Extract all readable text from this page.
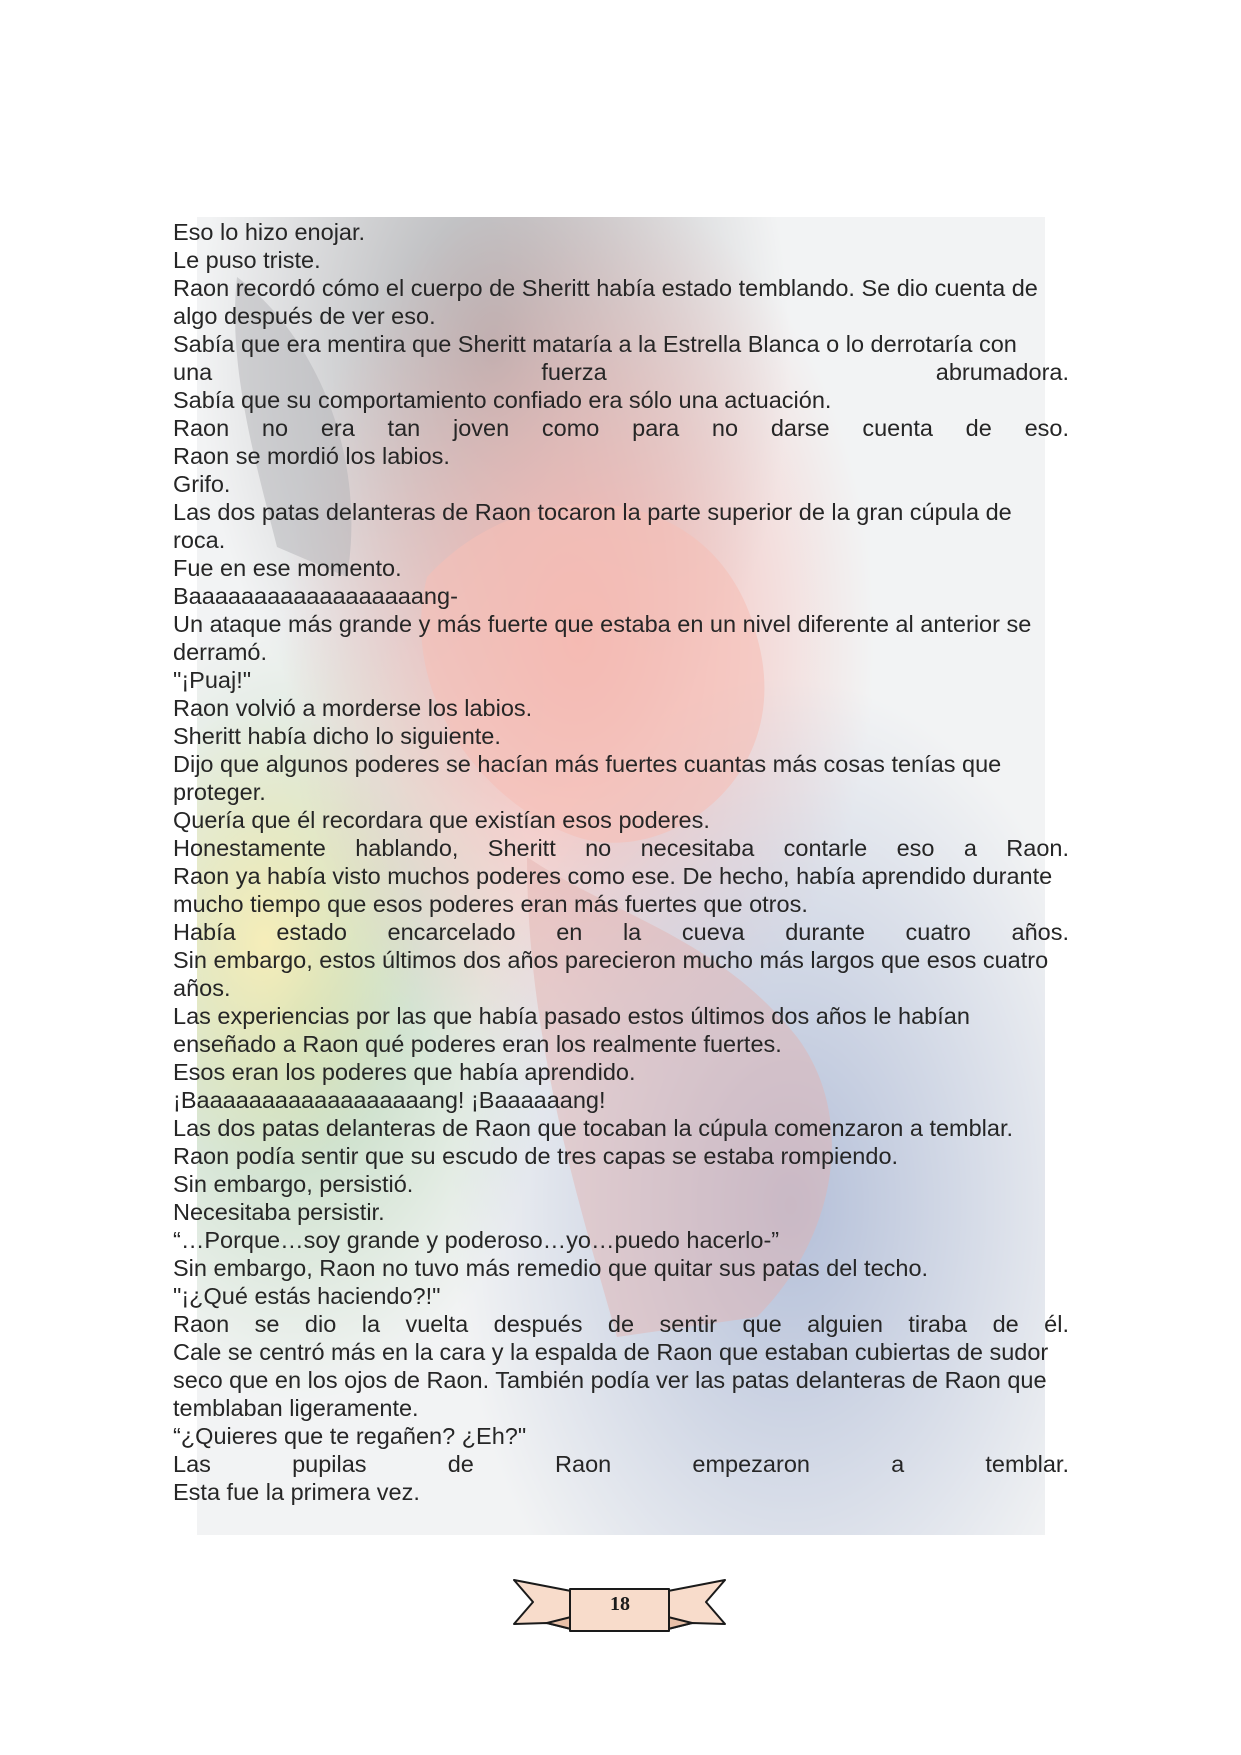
Eso lo hizo enojar.
Le puso triste.
Raon recordó cómo el cuerpo de Sheritt había estado temblando. Se dio cuenta de
algo después de ver eso.
Sabía que era mentira que Sheritt mataría a la Estrella Blanca o lo derrotaría con
una fuerza abrumadora.
Sabía que su comportamiento confiado era sólo una actuación.
Raon no era tan joven como para no darse cuenta de eso.
Raon se mordió los labios.
Grifo.
Las dos patas delanteras de Raon tocaron la parte superior de la gran cúpula de
roca.
Fue en ese momento.
Baaaaaaaaaaaaaaaaaang-
Un ataque más grande y más fuerte que estaba en un nivel diferente al anterior se
derramó.
"¡Puaj!"
Raon volvió a morderse los labios.
Sheritt había dicho lo siguiente.
Dijo que algunos poderes se hacían más fuertes cuantas más cosas tenías que
proteger.
Quería que él recordara que existían esos poderes.
Honestamente hablando, Sheritt no necesitaba contarle eso a Raon.
Raon ya había visto muchos poderes como ese. De hecho, había aprendido durante
mucho tiempo que esos poderes eran más fuertes que otros.
Había estado encarcelado en la cueva durante cuatro años.
Sin embargo, estos últimos dos años parecieron mucho más largos que esos cuatro
años.
Las experiencias por las que había pasado estos últimos dos años le habían
enseñado a Raon qué poderes eran los realmente fuertes.
Esos eran los poderes que había aprendido.
¡Baaaaaaaaaaaaaaaaaang! ¡Baaaaaang!
Las dos patas delanteras de Raon que tocaban la cúpula comenzaron a temblar.
Raon podía sentir que su escudo de tres capas se estaba rompiendo.
Sin embargo, persistió.
Necesitaba persistir.
“…Porque…soy grande y poderoso…yo…puedo hacerlo-”
Sin embargo, Raon no tuvo más remedio que quitar sus patas del techo.
"¡¿Qué estás haciendo?!"
Raon se dio la vuelta después de sentir que alguien tiraba de él.
Cale se centró más en la cara y la espalda de Raon que estaban cubiertas de sudor
seco que en los ojos de Raon. También podía ver las patas delanteras de Raon que
temblaban ligeramente.
“¿Quieres que te regañen? ¿Eh?"
Las pupilas de Raon empezaron a temblar.
Esta fue la primera vez.
18
